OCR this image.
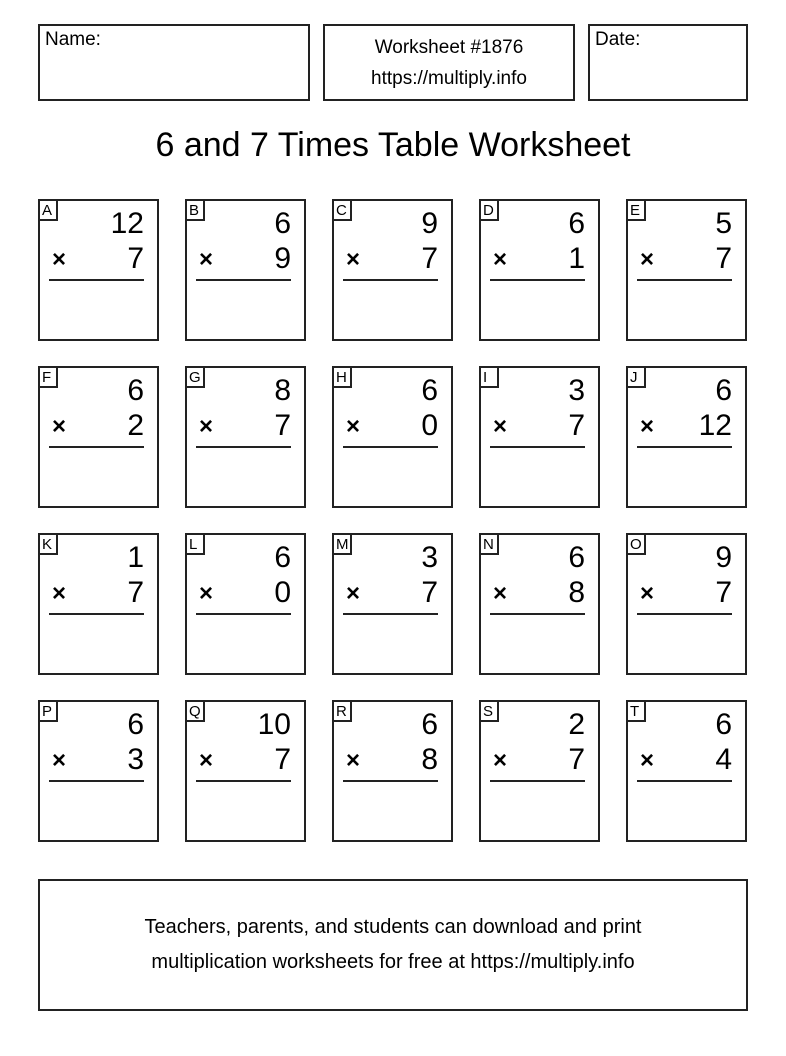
Name:	Worksheet #1876
https://multiply.info
Date:
6 and 7 Times Table Worksheet
A 12
× 7
B	6
× 9
C 9
× 7
D 6
× 1
E	5
× 7
F	6
× 2
G 8
× 7
H 6
× 0
I	3
× 7
J	6
× 12
K	1
× 7
L	6
× 0
M 3
× 7
N 6
× 8
O 9
× 7
P	6
× 3
Q 10
× 7
R 6
× 8
S	2
× 7
T	6
× 4
Teachers, parents, and students can download and print
multiplication worksheets for free at https://multiply.info
